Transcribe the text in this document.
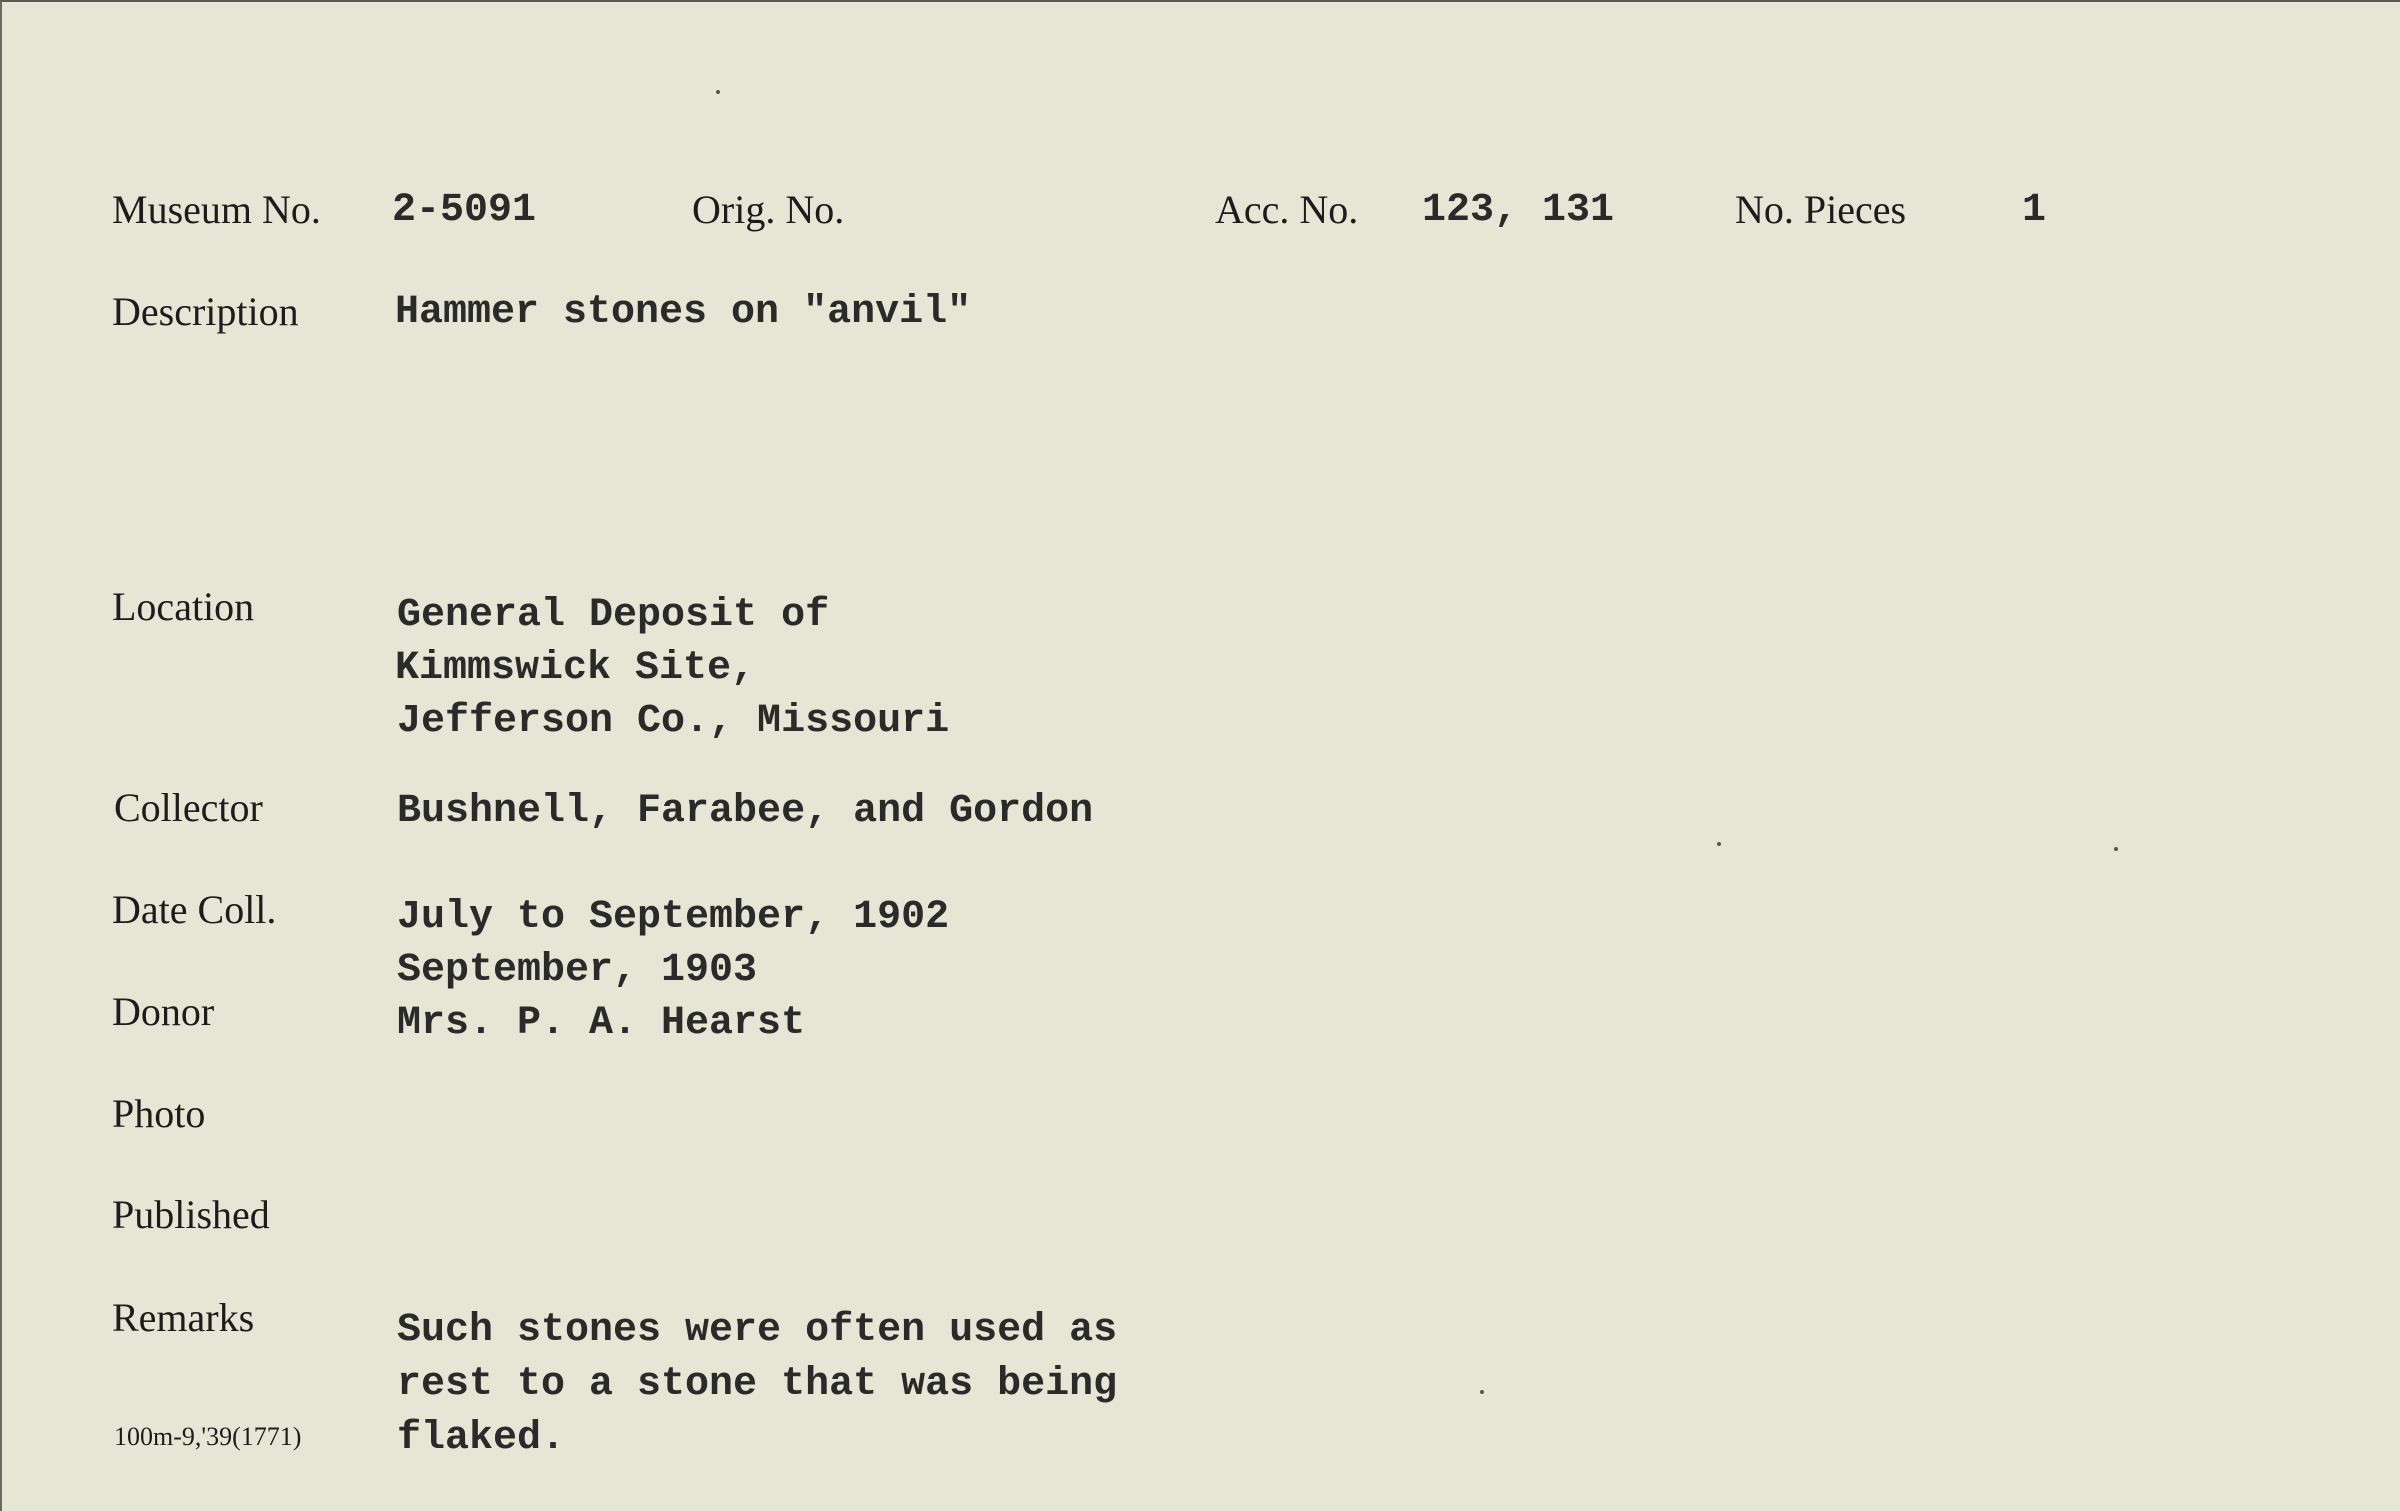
Museum No. 2-5091	Orig. No.	Acc. No. 123, 131	No. Pieces	1
Description Hammer stones on "anvil"
Location	General Deposit of
Kimmswick Site,
Jefferson Co., Missouri
Collector	Bushnell, Farabee, and Gordon
Date Coll.	July to September, 1902
September, 1903
Donor	Mrs. P. A. Hearst
Photo
Published
Remarks	Such stones were often used as
rest to a stone that was being
flaked.
100m-9,'39(1771)
